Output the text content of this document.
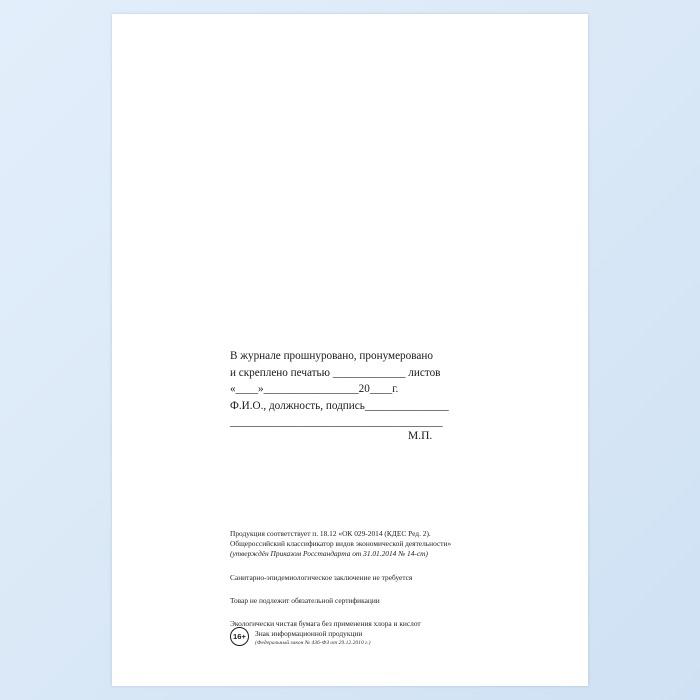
В журнале прошнуровано, пронумеровано
и скреплено печатью _____________ листов
«____»_________________20____г.
Ф.И.О., должность, подпись_______________
______________________________________
М.П.
Продукция соответствует п. 18.12 «ОК 029-2014 (КДЕС Ред. 2).
Общероссийский классификатор видов экономической деятельности»
(утверждён Приказом Росстандарта от 31.01.2014 № 14-ст)
Санитарно-эпидемиологическое заключение не требуется
Товар не подлежит обязательной сертификации
Экологически чистая бумага без применения хлора и кислот
16+	Знак информационной продукции
(Федеральный закон № 436-ФЗ от 29.12.2010 г.)
